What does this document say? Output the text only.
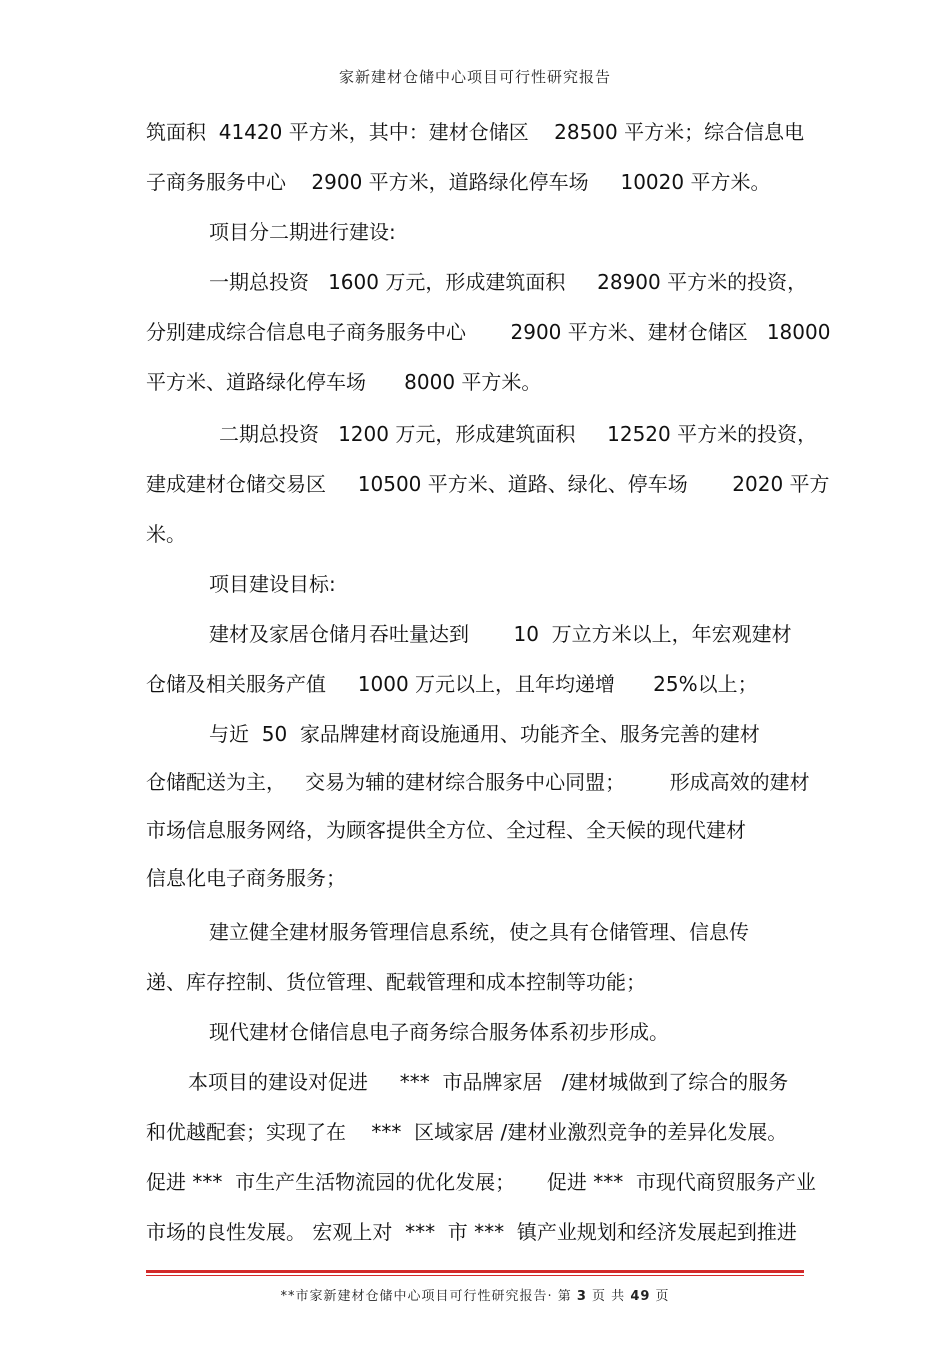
家新建材仓储中心项目可行性研究报告
筑面积  41420 平方米，其中：建材仓储区    28500 平方米；综合信息电
子商务服务中心    2900 平方米，道路绿化停车场     10020 平方米。
项目分二期进行建设:
一期总投资   1600 万元，形成建筑面积     28900 平方米的投资，
分别建成综合信息电子商务服务中心       2900 平方米、建材仓储区   18000
平方米、道路绿化停车场      8000 平方米。
二期总投资   1200 万元，形成建筑面积     12520 平方米的投资，
建成建材仓储交易区     10500 平方米、道路、绿化、停车场       2020 平方
米。
项目建设目标:
建材及家居仓储月吞吐量达到       10  万立方米以上，年宏观建材
仓储及相关服务产值     1000 万元以上，且年均递增      25%以上；
与近  50  家品牌建材商设施通用、功能齐全、服务完善的建材
仓储配送为主，   交易为辅的建材综合服务中心同盟；       形成高效的建材
市场信息服务网络，为顾客提供全方位、全过程、全天候的现代建材
信息化电子商务服务；
建立健全建材服务管理信息系统，使之具有仓储管理、信息传
递、库存控制、货位管理、配载管理和成本控制等功能；
现代建材仓储信息电子商务综合服务体系初步形成。
本项目的建设对促进     ***  市品牌家居   /建材城做到了综合的服务
和优越配套；实现了在    ***  区域家居 /建材业激烈竞争的差异化发展。
促进 ***  市生产生活物流园的优化发展；     促进 ***  市现代商贸服务产业
市场的良性发展。 宏观上对  ***  市 ***  镇产业规划和经济发展起到推进
**市家新建材仓储中心项目可行性研究报告· 第 3 页 共 49 页
